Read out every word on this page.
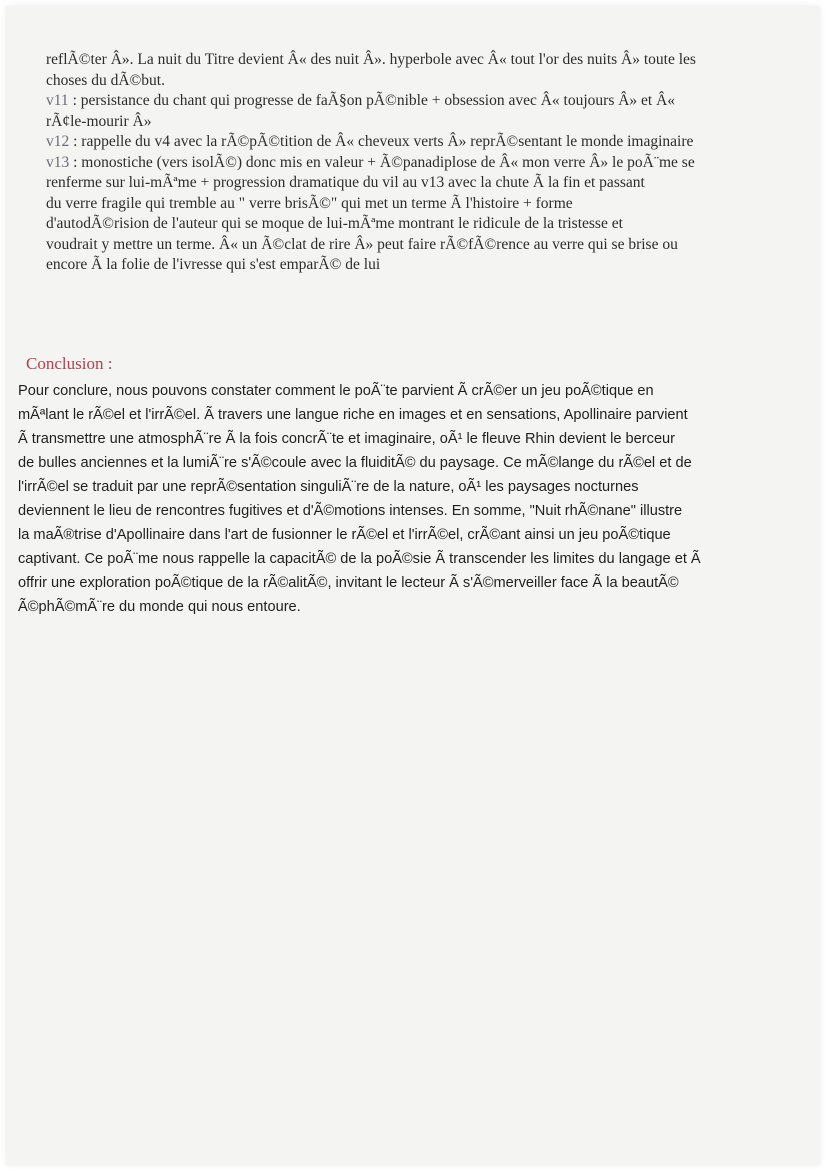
reflÃ©ter Â». La nuit du Titre devient Â« des nuit Â». hyperbole avec Â« tout l'or des nuits Â» toute les

choses du dÃ©but.

v11 : persistance du chant qui progresse de faÃ§on pÃ©nible + obsession avec Â« toujours Â» et Â«

rÃ¢le-mourir Â»

v12 : rappelle du v4 avec la rÃ©pÃ©tition de Â« cheveux verts Â» reprÃ©sentant le monde imaginaire

v13 : monostiche (vers isolÃ©) donc mis en valeur + Ã©panadiplose de Â« mon verre Â» le poÃ¨me se

renferme sur lui-mÃªme + progression dramatique du vil au v13 avec la chute Ã la fin et passant

du verre fragile qui tremble au " verre brisÃ©" qui met un terme Ã l'histoire + forme

d'autodÃ©rision de l'auteur qui se moque de lui-mÃªme montrant le ridicule de la tristesse et

voudrait y mettre un terme. Â« un Ã©clat de rire Â» peut faire rÃ©fÃ©rence au verre qui se brise ou

encore Ã la folie de l'ivresse qui s'est emparÃ© de lui

Conclusion :

Pour conclure, nous pouvons constater comment le poÃ¨te parvient Ã crÃ©er un jeu poÃ©tique en
mÃªlant le rÃ©el et l'irrÃ©el. Ã travers une langue riche en images et en sensations, Apollinaire parvient
Ã transmettre une atmosphÃ¨re Ã la fois concrÃ¨te et imaginaire, oÃ¹ le fleuve Rhin devient le berceur
de bulles anciennes et la lumiÃ¨re s'Ã©coule avec la fluiditÃ© du paysage. Ce mÃ©lange du rÃ©el et de
l'irrÃ©el se traduit par une reprÃ©sentation singuliÃ¨re de la nature, oÃ¹ les paysages nocturnes
deviennent le lieu de rencontres fugitives et d'Ã©motions intenses. En somme, "Nuit rhÃ©nane" illustre
la maÃ®trise d'Apollinaire dans l'art de fusionner le rÃ©el et l'irrÃ©el, crÃ©ant ainsi un jeu poÃ©tique
captivant. Ce poÃ¨me nous rappelle la capacitÃ© de la poÃ©sie Ã transcender les limites du langage et Ã
offrir une exploration poÃ©tique de la rÃ©alitÃ©, invitant le lecteur Ã s'Ã©merveiller face Ã la beautÃ©
Ã©phÃ©mÃ¨re du monde qui nous entoure.
